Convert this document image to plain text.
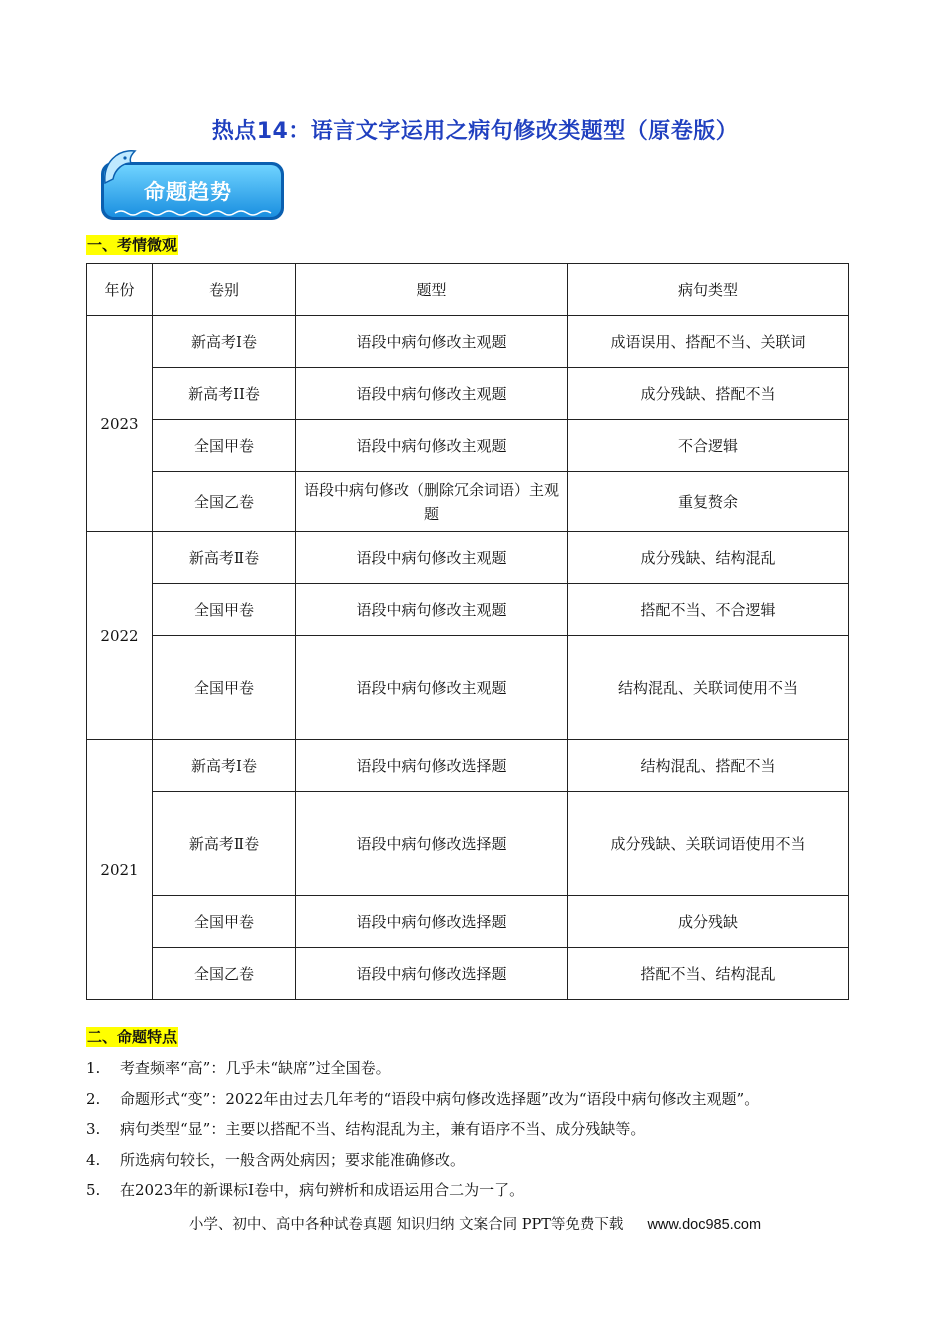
热点14：语言文字运用之病句修改类题型（原卷版）
命题趋势
一、考情微观
年份	卷别	题型	病句类型
2023	新高考I卷	语段中病句修改主观题	成语误用、搭配不当、关联词
	新高考II卷	语段中病句修改主观题	成分残缺、搭配不当
	全国甲卷	语段中病句修改主观题	不合逻辑
	全国乙卷	语段中病句修改（删除冗余词语）主观题	重复赘余
2022	新高考Ⅱ卷	语段中病句修改主观题	成分残缺、结构混乱
	全国甲卷	语段中病句修改主观题	搭配不当、不合逻辑
	全国甲卷	语段中病句修改主观题	结构混乱、关联词使用不当
2021	新高考Ⅰ卷	语段中病句修改选择题	结构混乱、搭配不当
	新高考Ⅱ卷	语段中病句修改选择题	成分残缺、关联词语使用不当
	全国甲卷	语段中病句修改选择题	成分残缺
	全国乙卷	语段中病句修改选择题	搭配不当、结构混乱
二、命题特点
1.	考查频率“高”：几乎未“缺席”过全国卷。
2.	命题形式“变”：2022年由过去几年考的“语段中病句修改选择题”改为“语段中病句修改主观题”。
3.	病句类型“显”：主要以搭配不当、结构混乱为主，兼有语序不当、成分残缺等。
4.	所选病句较长，一般含两处病因；要求能准确修改。
5.	在2023年的新课标I卷中，病句辨析和成语运用合二为一了。
小学、初中、高中各种试卷真题 知识归纳 文案合同 PPT等免费下载 www.doc985.com
